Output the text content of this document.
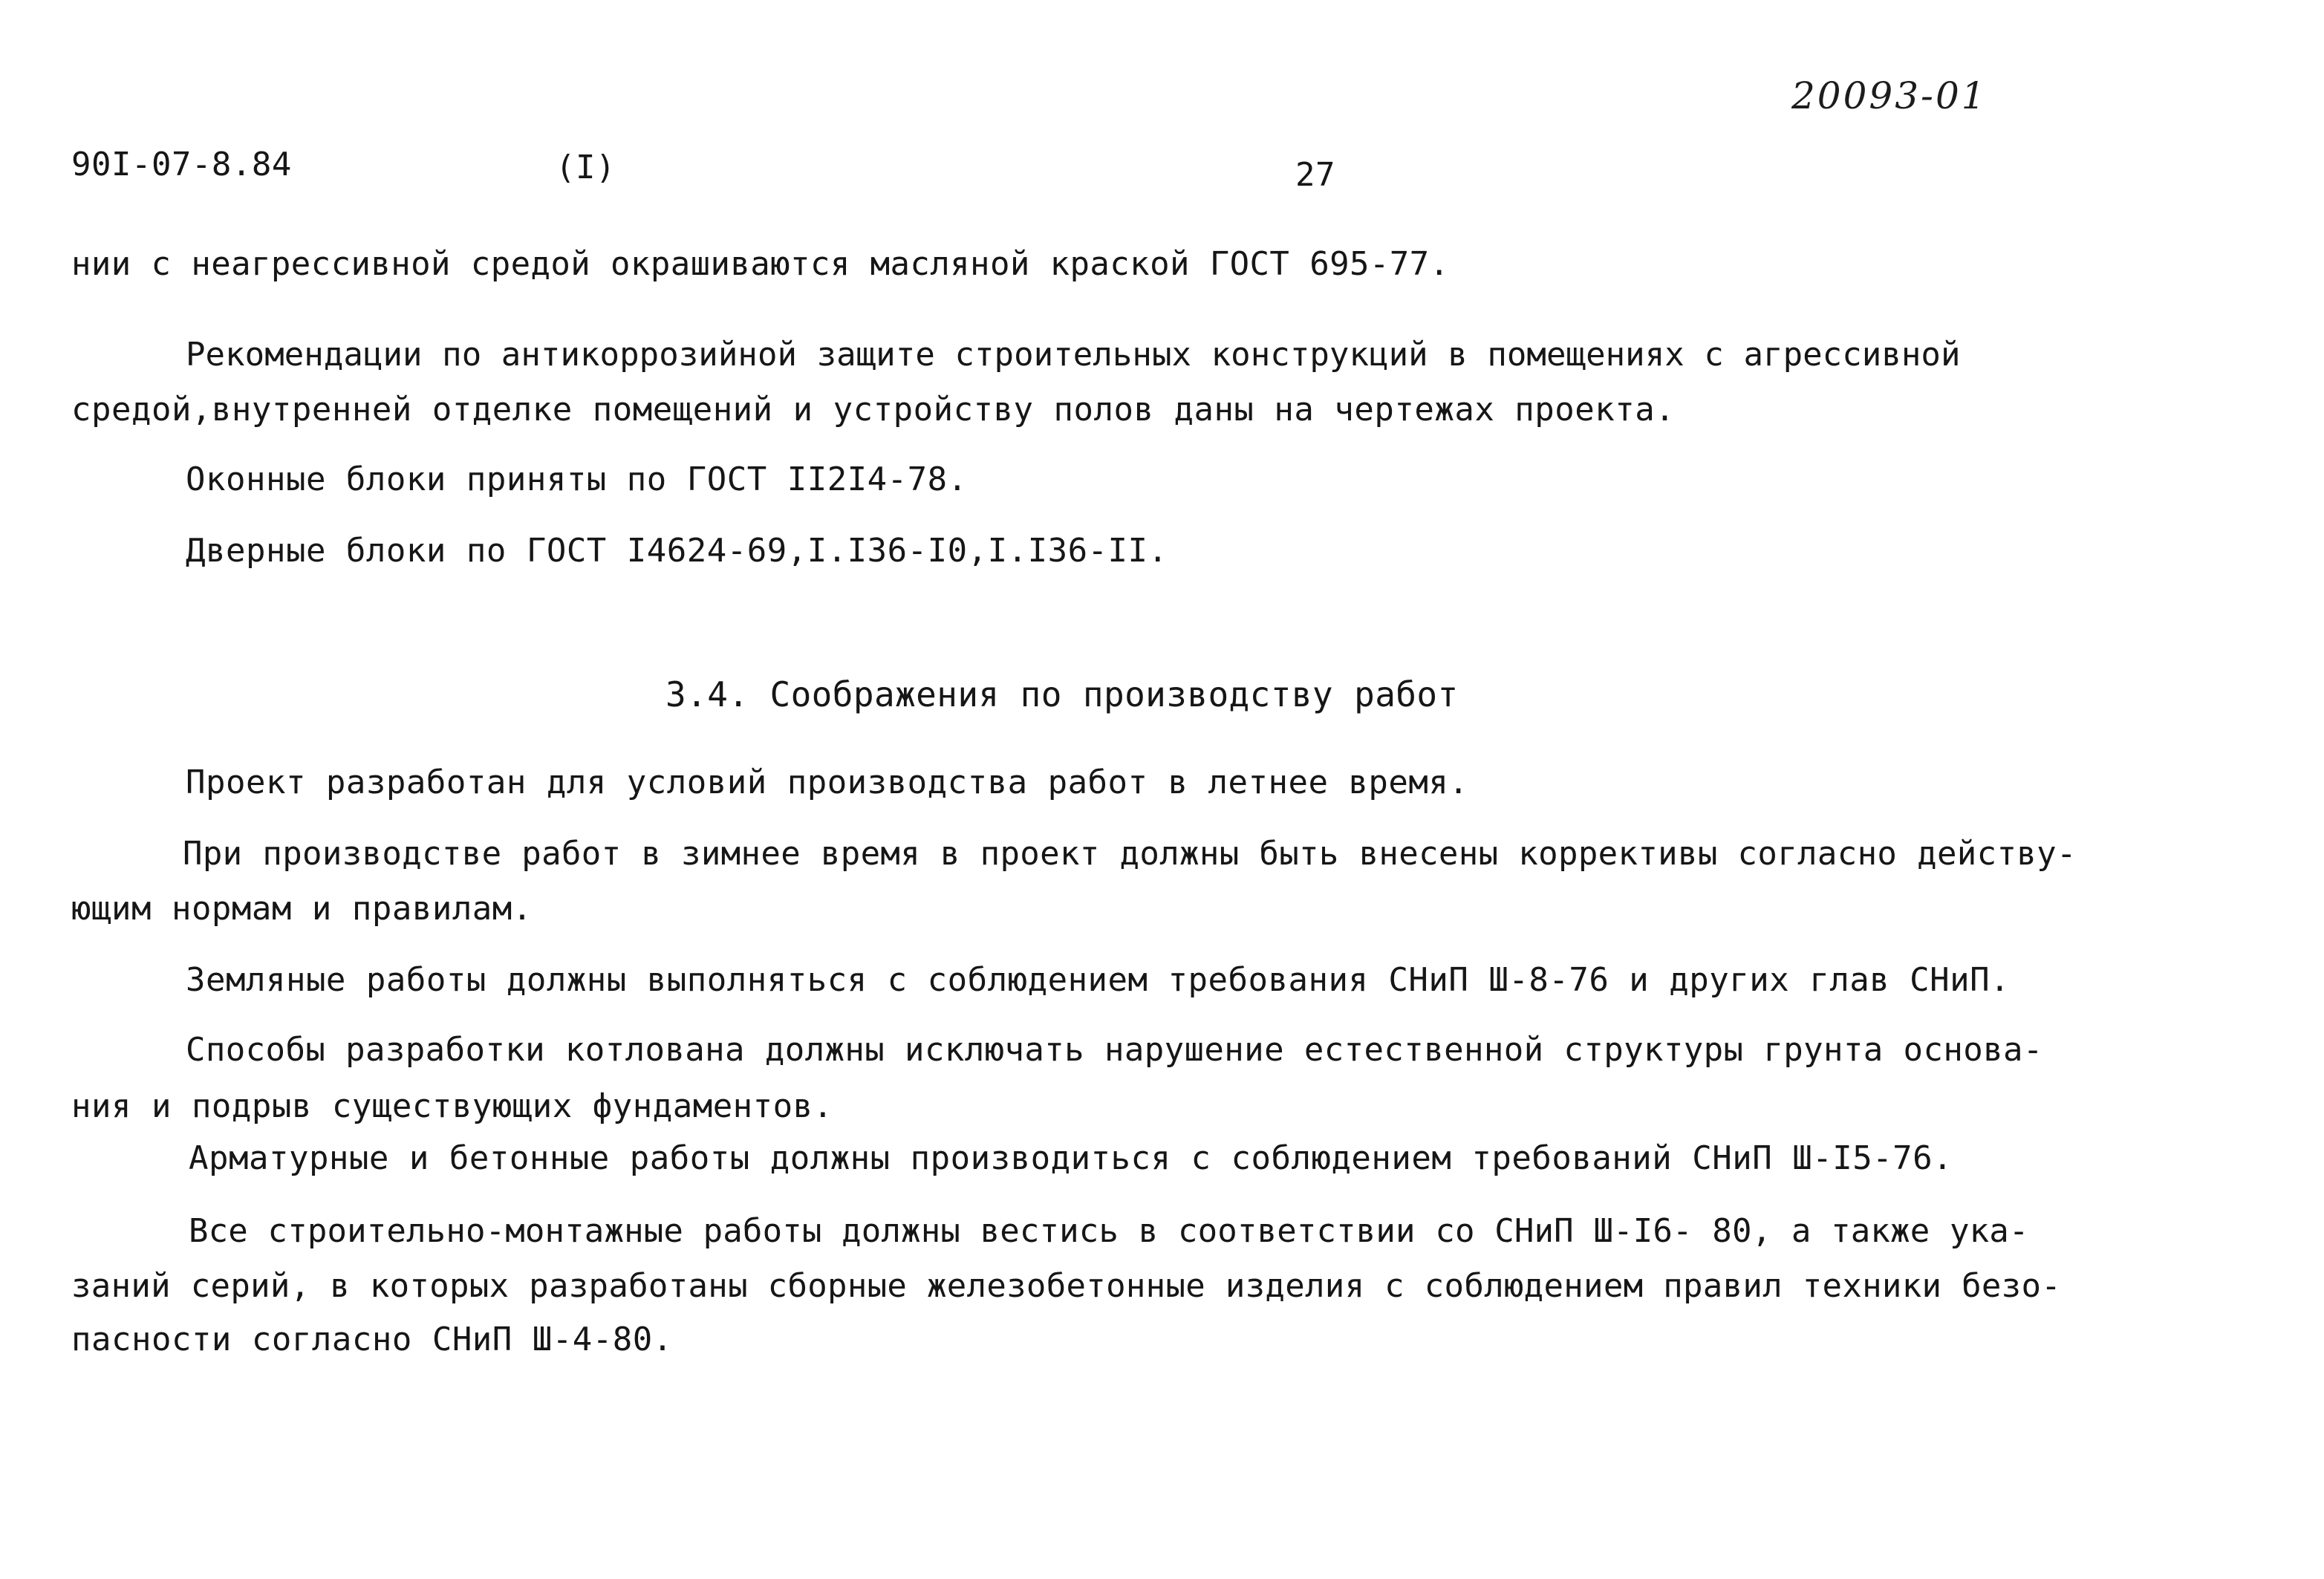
20093-01
90I-07-8.84	(I)	27

нии с неагрессивной средой окрашиваются масляной краской ГОСТ 695-77.

Рекомендации по антикоррозийной защите строительных конструкций в помещениях с агрессивной

средой,внутренней отделке помещений и устройству полов даны на чертежах проекта.

Оконные блоки приняты по ГОСТ II2I4-78.

Дверные блоки по ГОСТ I4624-69,I.I36-I0,I.I36-II.

3.4. Соображения по производству работ

Проект разработан для условий производства работ в летнее время.

При производстве работ в зимнее время в проект должны быть внесены коррективы согласно действу-

ющим нормам и правилам.

Земляные работы должны выполняться с соблюдением требования СНиП Ш-8-76 и других глав СНиП.

Способы разработки котлована должны исключать нарушение естественной структуры грунта основа-

ния и подрыв существующих фундаментов.

Арматурные и бетонные работы должны производиться с соблюдением требований СНиП Ш-I5-76.

Все строительно-монтажные работы должны вестись в соответствии со СНиП Ш-I6- 80, а также ука-

заний серий, в которых разработаны сборные железобетонные изделия с соблюдением правил техники безо-

пасности согласно СНиП Ш-4-80.
